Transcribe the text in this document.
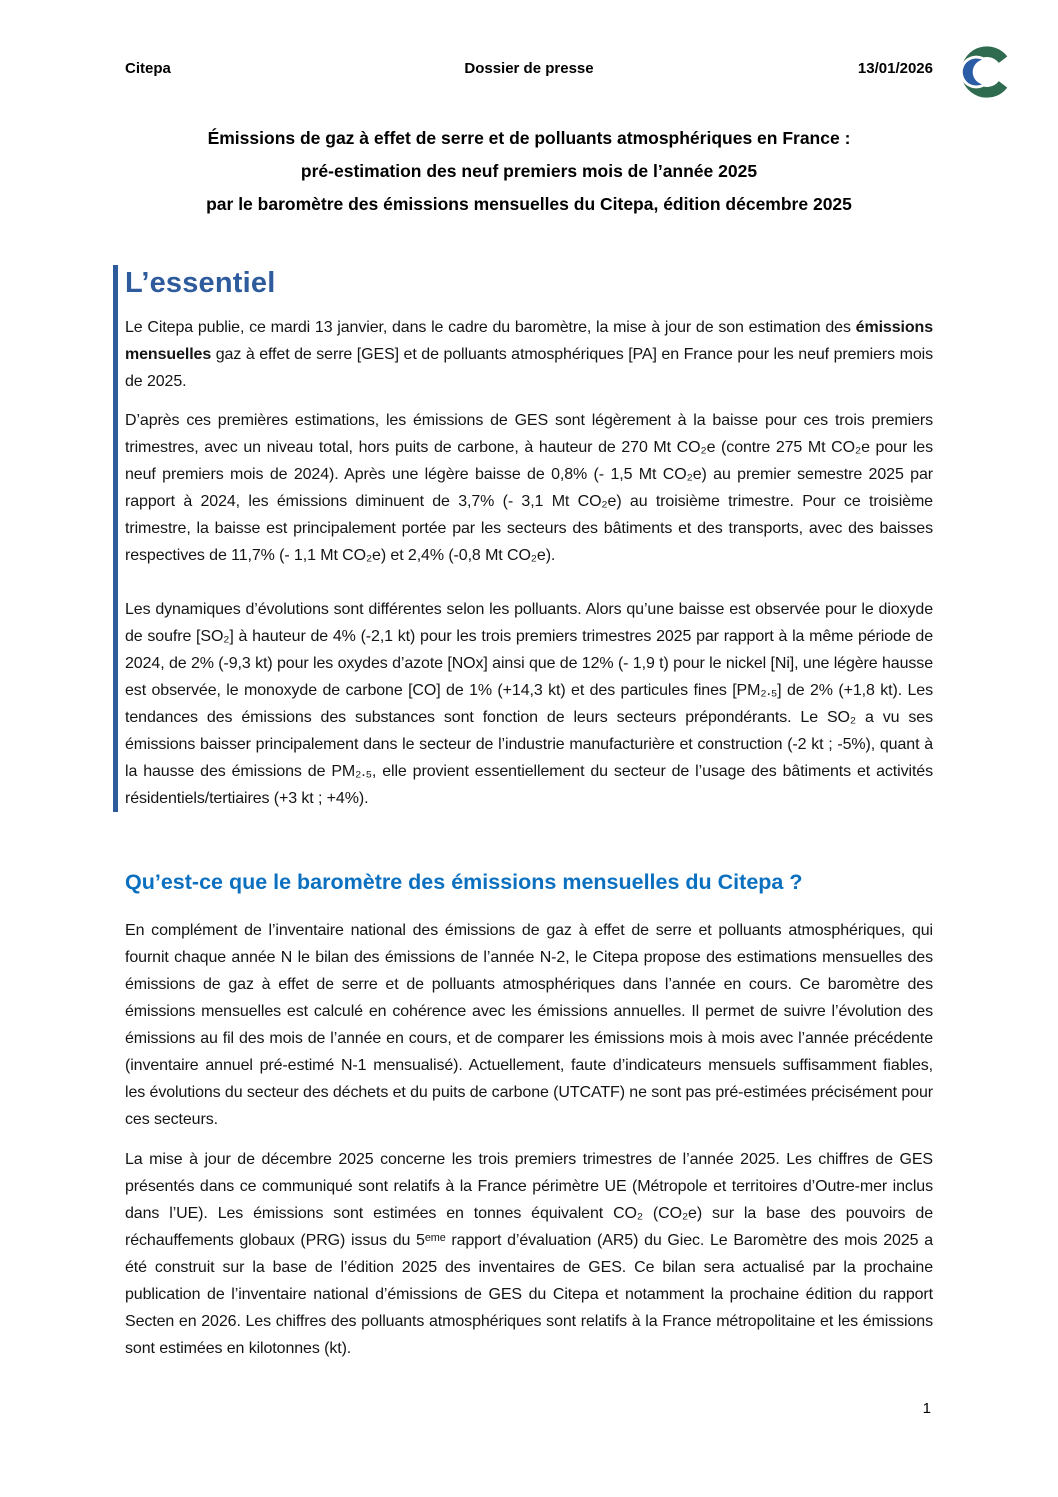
Citepa	Dossier de presse	13/01/2026
Émissions de gaz à effet de serre et de polluants atmosphériques en France :
pré-estimation des neuf premiers mois de l’année 2025
par le baromètre des émissions mensuelles du Citepa, édition décembre 2025
L’essentiel

Le Citepa publie, ce mardi 13 janvier, dans le cadre du baromètre, la mise à jour de son estimation des émissions mensuelles gaz à effet de serre [GES] et de polluants atmosphériques [PA] en France pour les neuf premiers mois de 2025.

D’après ces premières estimations, les émissions de GES sont légèrement à la baisse pour ces trois premiers trimestres, avec un niveau total, hors puits de carbone, à hauteur de 270 Mt CO₂e (contre 275 Mt CO₂e pour les neuf premiers mois de 2024). Après une légère baisse de 0,8% (- 1,5 Mt CO₂e) au premier semestre 2025 par rapport à 2024, les émissions diminuent de 3,7% (- 3,1 Mt CO₂e) au troisième trimestre. Pour ce troisième trimestre, la baisse est principalement portée par les secteurs des bâtiments et des transports, avec des baisses respectives de 11,7% (- 1,1 Mt CO₂e) et 2,4% (-0,8 Mt CO₂e).

Les dynamiques d’évolutions sont différentes selon les polluants. Alors qu’une baisse est observée pour le dioxyde de soufre [SO₂] à hauteur de 4% (-2,1 kt) pour les trois premiers trimestres 2025 par rapport à la même période de 2024, de 2% (-9,3 kt) pour les oxydes d’azote [NOx] ainsi que de 12% (- 1,9 t) pour le nickel [Ni], une légère hausse est observée, le monoxyde de carbone [CO] de 1% (+14,3 kt) et des particules fines [PM₂.₅] de 2% (+1,8 kt). Les tendances des émissions des substances sont fonction de leurs secteurs prépondérants. Le SO₂ a vu ses émissions baisser principalement dans le secteur de l’industrie manufacturière et construction (-2 kt ; -5%), quant à la hausse des émissions de PM₂.₅, elle provient essentiellement du secteur de l’usage des bâtiments et activités résidentiels/tertiaires (+3 kt ; +4%).

Qu’est-ce que le baromètre des émissions mensuelles du Citepa ?

En complément de l’inventaire national des émissions de gaz à effet de serre et polluants atmosphériques, qui fournit chaque année N le bilan des émissions de l’année N-2, le Citepa propose des estimations mensuelles des émissions de gaz à effet de serre et de polluants atmosphériques dans l’année en cours. Ce baromètre des émissions mensuelles est calculé en cohérence avec les émissions annuelles. Il permet de suivre l’évolution des émissions au fil des mois de l’année en cours, et de comparer les émissions mois à mois avec l’année précédente (inventaire annuel pré-estimé N-1 mensualisé). Actuellement, faute d’indicateurs mensuels suffisamment fiables, les évolutions du secteur des déchets et du puits de carbone (UTCATF) ne sont pas pré-estimées précisément pour ces secteurs.

La mise à jour de décembre 2025 concerne les trois premiers trimestres de l’année 2025. Les chiffres de GES présentés dans ce communiqué sont relatifs à la France périmètre UE (Métropole et territoires d’Outre-mer inclus dans l’UE). Les émissions sont estimées en tonnes équivalent CO₂ (CO₂e) sur la base des pouvoirs de réchauffements globaux (PRG) issus du 5ᵉᵐᵉ rapport d’évaluation (AR5) du Giec. Le Baromètre des mois 2025 a été construit sur la base de l’édition 2025 des inventaires de GES. Ce bilan sera actualisé par la prochaine publication de l’inventaire national d’émissions de GES du Citepa et notamment la prochaine édition du rapport Secten en 2026. Les chiffres des polluants atmosphériques sont relatifs à la France métropolitaine et les émissions sont estimées en kilotonnes (kt).

1
